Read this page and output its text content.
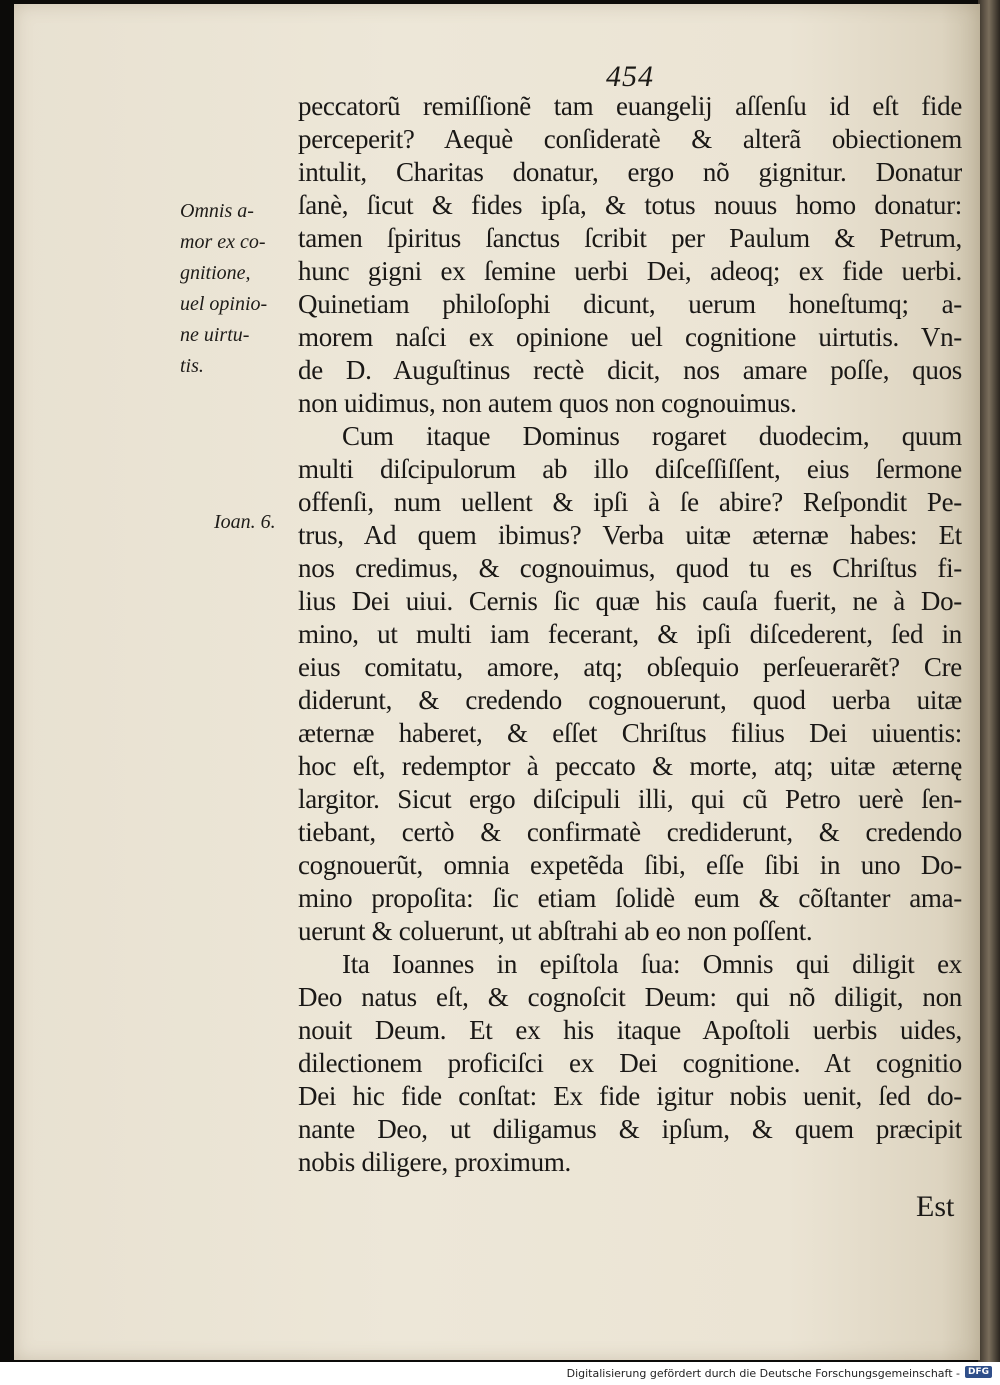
454
Omnis a-
mor ex co-
gnitione,
uel opinio-
ne uirtu-
tis.
Ioan. 6.
peccatorũ remiſſionẽ tam euangelij aſſenſu id eſt fide
perceperit? Aequè conſideratè & alterã obiectionem
intulit, Charitas donatur, ergo nõ gignitur. Donatur
ſanè, ſicut & fides ipſa, & totus nouus homo donatur:
tamen ſpiritus ſanctus ſcribit per Paulum & Petrum,
hunc gigni ex ſemine uerbi Dei, adeoq; ex fide uerbi.
Quinetiam philoſophi dicunt, uerum honeſtumq; a-
morem naſci ex opinione uel cognitione uirtutis. Vn-
de D. Auguſtinus rectè dicit, nos amare poſſe, quos
non uidimus, non autem quos non cognouimus.
Cum itaque Dominus rogaret duodecim, quum
multi diſcipulorum ab illo diſceſſiſſent, eius ſermone
offenſi, num uellent & ipſi à ſe abire? Reſpondit Pe-
trus, Ad quem ibimus? Verba uitæ æternæ habes: Et
nos credimus, & cognouimus, quod tu es Chriſtus fi-
lius Dei uiui. Cernis ſic quæ his cauſa fuerit, ne à Do-
mino, ut multi iam fecerant, & ipſi diſcederent, ſed in
eius comitatu, amore, atq; obſequio perſeuerarẽt? Cre
diderunt, & credendo cognouerunt, quod uerba uitæ
æternæ haberet, & eſſet Chriſtus filius Dei uiuentis:
hoc eſt, redemptor à peccato & morte, atq; uitæ æternę
largitor. Sicut ergo diſcipuli illi, qui cũ Petro uerè ſen-
tiebant, certò & confirmatè crediderunt, & credendo
cognouerũt, omnia expetẽda ſibi, eſſe ſibi in uno Do-
mino propoſita: ſic etiam ſolidè eum & cõſtanter ama-
uerunt & coluerunt, ut abſtrahi ab eo non poſſent.
Ita Ioannes in epiſtola ſua: Omnis qui diligit ex
Deo natus eſt, & cognoſcit Deum: qui nõ diligit, non
nouit Deum. Et ex his itaque Apoſtoli uerbis uides,
dilectionem proficiſci ex Dei cognitione. At cognitio
Dei hic fide conſtat: Ex fide igitur nobis uenit, ſed do-
nante Deo, ut diligamus & ipſum, & quem præcipit
nobis diligere, proximum.
Est
Digitalisierung gefördert durch die Deutsche Forschungsgemeinschaft - DFG
